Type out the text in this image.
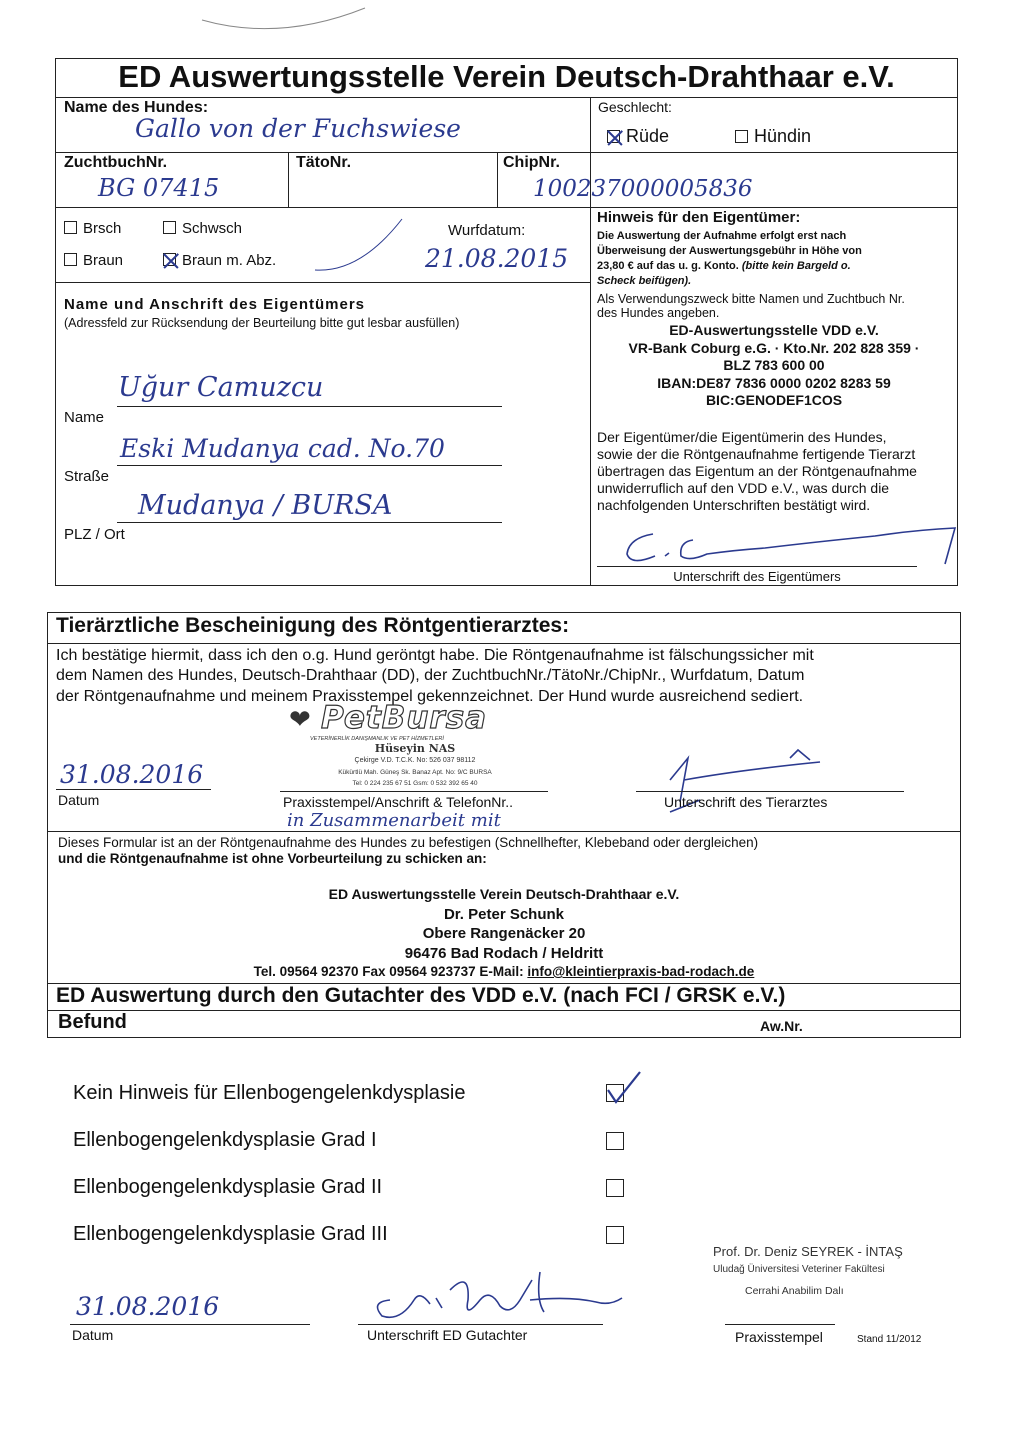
ED Auswertungsstelle Verein Deutsch-Drahthaar e.V.
Name des Hundes:
Gallo von der Fuchswiese
Geschlecht:
Rüde	Hündin
ZuchtbuchNr.
BG 07415
TätoNr.	ChipNr.
100237000005836
Brsch	Schwsch	Wurfdatum:
Braun	Braun m. Abz.	21.08.2015
Name und Anschrift des Eigentümers
(Adressfeld zur Rücksendung der Beurteilung bitte gut lesbar ausfüllen)
Uğur Camuzcu
Name
Eski Mudanya cad. No.70
Straße
Mudanya / BURSA
PLZ / Ort
Hinweis für den Eigentümer:
Die Auswertung der Aufnahme erfolgt erst nach
Überweisung der Auswertungsgebühr in Höhe von
23,80 € auf das u. g. Konto. (bitte kein Bargeld o.
Scheck beifügen).
Als Verwendungszweck bitte Namen und Zuchtbuch Nr.
des Hundes angeben.
ED-Auswertungsstelle VDD e.V.
VR-Bank Coburg e.G. · Kto.Nr. 202 828 359 ·
BLZ 783 600 00
IBAN:DE87 7836 0000 0202 8283 59
BIC:GENODEF1COS
Der Eigentümer/die Eigentümerin des Hundes,
sowie der die Röntgenaufnahme fertigende Tierarzt
übertragen das Eigentum an der Röntgenaufnahme
unwiderruflich auf den VDD e.V., was durch die
nachfolgenden Unterschriften bestätigt wird.
Unterschrift des Eigentümers
Tierärztliche Bescheinigung des Röntgentierarztes:
Ich bestätige hiermit, dass ich den o.g. Hund geröntgt habe. Die Röntgenaufnahme ist fälschungssicher mit
dem Namen des Hundes, Deutsch-Drahthaar (DD), der ZuchtbuchNr./TätoNr./ChipNr., Wurfdatum, Datum
der Röntgenaufnahme und meinem Praxisstempel gekennzeichnet. Der Hund wurde ausreichend sediert.
❤ PetBursa
VETERİNERLİK DANIŞMANLIK VE PET HİZMETLERİ
Hüseyin NAS
Çekirge V.D. T.C.K. No: 526 037 98112
Kükürtlü Mah. Güneş Sk. Banaz Apt. No: 9/C BURSA
Tel: 0 224 235 67 51 Gsm: 0 532 392 65 40
31.08.2016
Datum	Praxisstempel/Anschrift & TelefonNr..	Unterschrift des Tierarztes
in Zusammenarbeit mit
Dieses Formular ist an der Röntgenaufnahme des Hundes zu befestigen (Schnellhefter, Klebeband oder dergleichen)
und die Röntgenaufnahme ist ohne Vorbeurteilung zu schicken an:
ED Auswertungsstelle Verein Deutsch-Drahthaar e.V.
Dr. Peter Schunk
Obere Rangenäcker 20
96476 Bad Rodach / Heldritt
Tel. 09564 92370 Fax 09564 923737 E-Mail: info@kleintierpraxis-bad-rodach.de
ED Auswertung durch den Gutachter des VDD e.V. (nach FCI / GRSK e.V.)
Befund	Aw.Nr.
Kein Hinweis für Ellenbogengelenkdysplasie
Ellenbogengelenkdysplasie Grad I
Ellenbogengelenkdysplasie Grad II
Ellenbogengelenkdysplasie Grad III
Prof. Dr. Deniz SEYREK - İNTAŞ
Uludağ Üniversitesi Veteriner Fakültesi
Cerrahi Anabilim Dalı
31.08.2016
Datum	Unterschrift ED Gutachter	Praxisstempel	Stand 11/2012
